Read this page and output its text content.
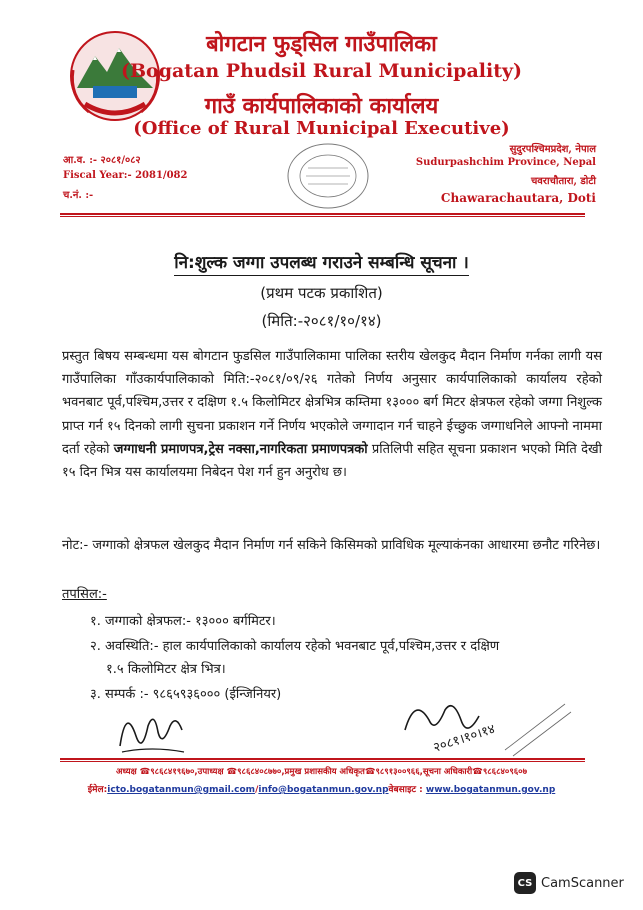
बोगटान फुड्सिल गाउँपालिका
(Bogatan Phudsil Rural Municipality)
गाउँ कार्यपालिकाको कार्यालय
(Office of Rural Municipal Executive)
आ.व. :- २०८१/०८२
Fiscal Year:- 2081/082
च.नं. :-
सुदुरपश्चिमप्रदेश, नेपाल
Sudurpashchim Province, Nepal
चवराचौतारा, डोटी
Chawarachautara, Doti
नि:शुल्क जग्गा उपलब्ध गराउने सम्बन्धि सूचना ।
(प्रथम पटक प्रकाशित)
(मिति:-२०८१/१०/१४)
प्रस्तुत बिषय सम्बन्धमा यस बोगटान फुडसिल गाउँपालिकामा पालिका स्तरीय खेलकुद मैदान निर्माण गर्नका लागी यस गाउँपालिका गाँउकार्यपालिकाको मिति:-२०८१/०९/२६ गतेको निर्णय अनुसार कार्यपालिकाको कार्यालय रहेको भवनबाट पूर्व,पश्चिम,उत्तर र दक्षिण १.५ किलोमिटर क्षेत्रभित्र कम्तिमा १३००० बर्ग मिटर क्षेत्रफल रहेको जग्गा निशुल्क प्राप्त गर्न १५ दिनको लागी सुचना प्रकाशन गर्ने निर्णय भएकोले जग्गादान गर्न चाहने ईच्छुक जग्गाधनिले आफ्नो नाममा दर्ता रहेको जग्गाधनी प्रमाणपत्र,ट्रेस नक्सा,नागरिकता प्रमाणपत्रको प्रतिलिपी सहित सूचना प्रकाशन भएको मिति देखी १५ दिन भित्र यस कार्यालयमा निबेदन पेश गर्न हुन अनुरोध छ।
नोट:- जग्गाको क्षेत्रफल खेलकुद मैदान निर्माण गर्न सकिने किसिमको प्राविधिक मूल्याकंनका आधारमा छनौट गरिनेछ।
तपसिल:-
१. जग्गाको क्षेत्रफल:- १३००० बर्गमिटर।
२. अवस्थिति:- हाल कार्यपालिकाको कार्यालय रहेको भवनबाट पूर्व,पश्चिम,उत्तर र दक्षिण
१.५ किलोमिटर क्षेत्र भित्र।
३. सम्पर्क :- ९८६५९३६००० (ईन्जिनियर)
२०८१।१०।१४
अध्यक्ष ☎९८६८४१९६७०,उपाध्यक्ष ☎९८६८४०८७७०,प्रमुख प्रशासकीय अधिकृत☎९८९१३००९६६,सूचना अधिकारी☎९८६८४०९६०७
ईमेल:icto.bogatanmun@gmail.com/info@bogatanmun.gov.npवेबसाइट : www.bogatanmun.gov.np
CS CamScanner
